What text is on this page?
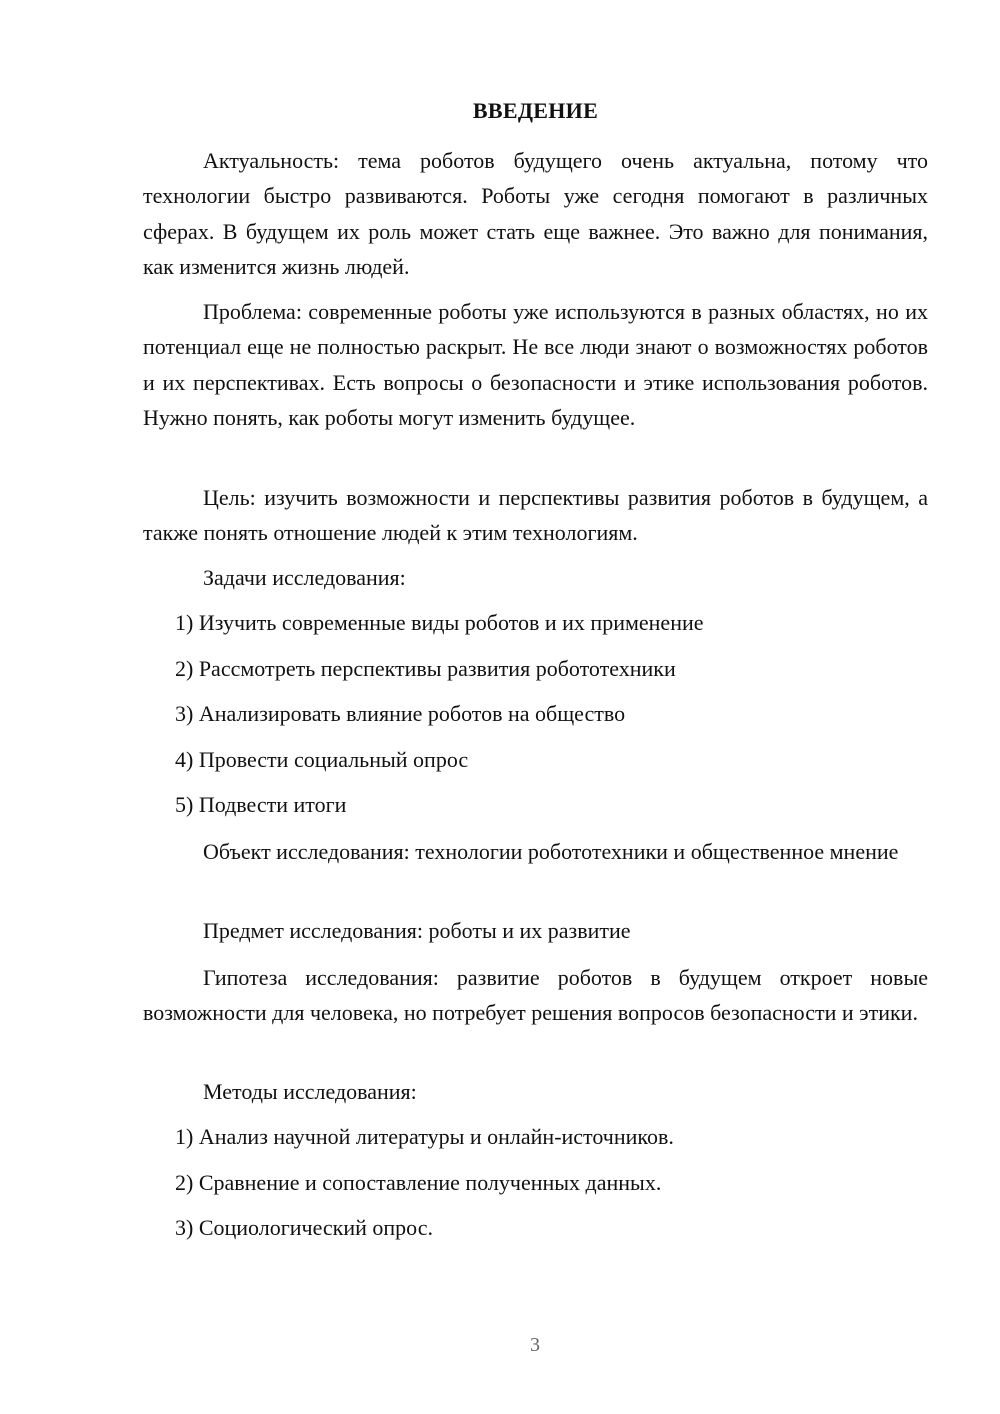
ВВЕДЕНИЕ

Актуальность: тема роботов будущего очень актуальна, потому что технологии быстро развиваются. Роботы уже сегодня помогают в различных сферах. В будущем их роль может стать еще важнее. Это важно для понимания, как изменится жизнь людей.

Проблема: современные роботы уже используются в разных областях, но их потенциал еще не полностью раскрыт. Не все люди знают о возможностях роботов и их перспективах. Есть вопросы о безопасности и этике использования роботов. Нужно понять, как роботы могут изменить будущее.

Цель: изучить возможности и перспективы развития роботов в будущем, а также понять отношение людей к этим технологиям.

Задачи исследования:

1) Изучить современные виды роботов и их применение

2) Рассмотреть перспективы развития робототехники

3) Анализировать влияние роботов на общество

4) Провести социальный опрос

5) Подвести итоги

Объект исследования: технологии робототехники и общественное мнение

Предмет исследования: роботы и их развитие

Гипотеза исследования: развитие роботов в будущем откроет новые возможности для человека, но потребует решения вопросов безопасности и этики.

Методы исследования:

1) Анализ научной литературы и онлайн-источников.

2) Сравнение и сопоставление полученных данных.

3) Социологический опрос.

3
